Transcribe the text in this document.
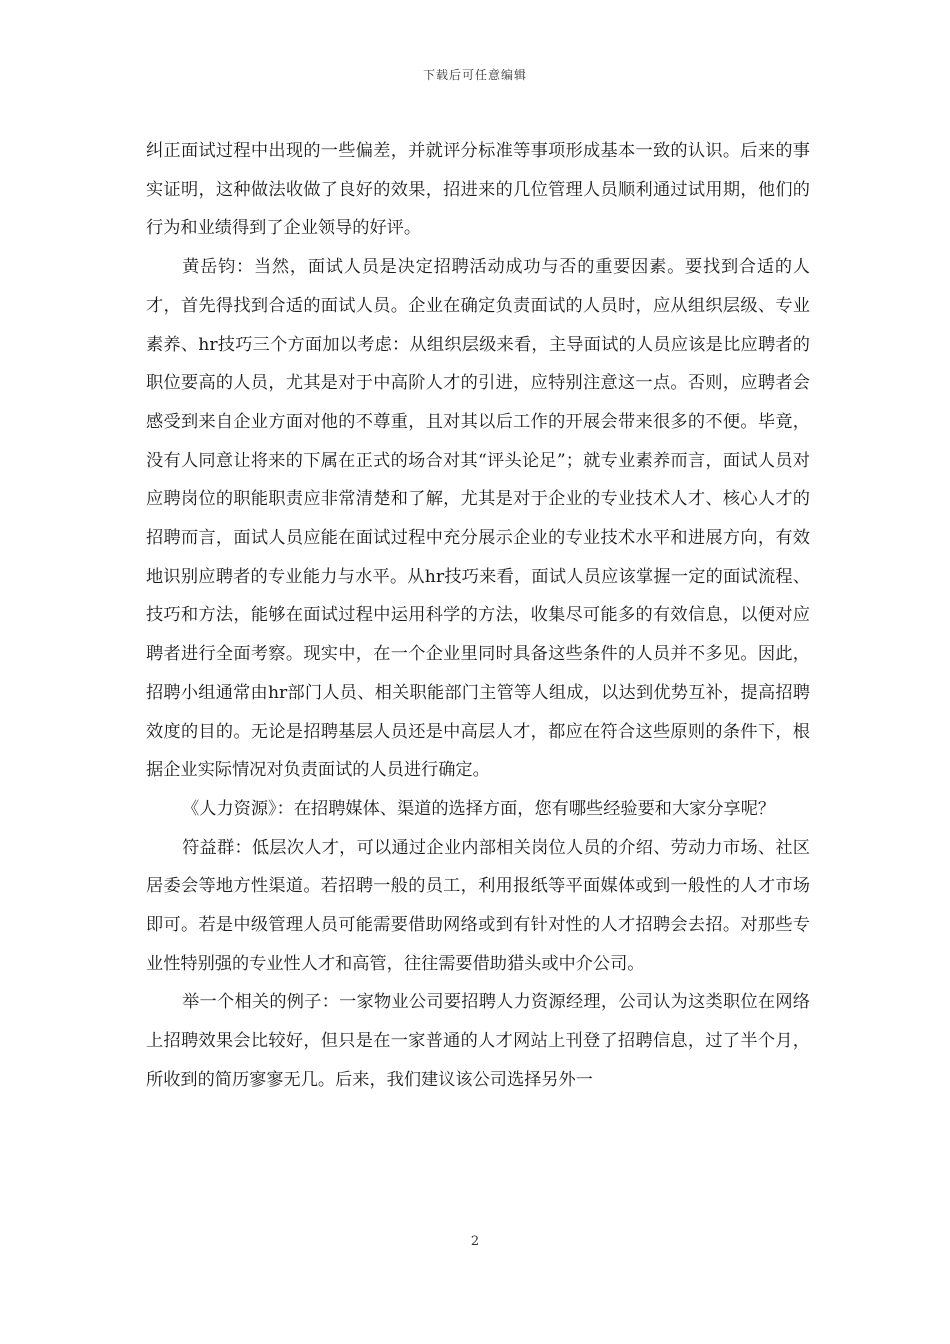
下载后可任意编辑

纠正面试过程中出现的一些偏差，并就评分标准等事项形成基本一致的认识。后来的事实证明，这种做法收做了良好的效果，招进来的几位管理人员顺利通过试用期，他们的行为和业绩得到了企业领导的好评。

黄岳钧：当然，面试人员是决定招聘活动成功与否的重要因素。要找到合适的人才，首先得找到合适的面试人员。企业在确定负责面试的人员时，应从组织层级、专业素养、hr技巧三个方面加以考虑：从组织层级来看，主导面试的人员应该是比应聘者的职位要高的人员，尤其是对于中高阶人才的引进，应特别注意这一点。否则，应聘者会感受到来自企业方面对他的不尊重，且对其以后工作的开展会带来很多的不便。毕竟，没有人同意让将来的下属在正式的场合对其“评头论足”；就专业素养而言，面试人员对应聘岗位的职能职责应非常清楚和了解，尤其是对于企业的专业技术人才、核心人才的招聘而言，面试人员应能在面试过程中充分展示企业的专业技术水平和进展方向，有效地识别应聘者的专业能力与水平。从hr技巧来看，面试人员应该掌握一定的面试流程、技巧和方法，能够在面试过程中运用科学的方法，收集尽可能多的有效信息，以便对应聘者进行全面考察。现实中，在一个企业里同时具备这些条件的人员并不多见。因此，招聘小组通常由hr部门人员、相关职能部门主管等人组成，以达到优势互补，提高招聘效度的目的。无论是招聘基层人员还是中高层人才，都应在符合这些原则的条件下，根据企业实际情况对负责面试的人员进行确定。

《人力资源》：在招聘媒体、渠道的选择方面，您有哪些经验要和大家分享呢？

符益群：低层次人才，可以通过企业内部相关岗位人员的介绍、劳动力市场、社区居委会等地方性渠道。若招聘一般的员工，利用报纸等平面媒体或到一般性的人才市场即可。若是中级管理人员可能需要借助网络或到有针对性的人才招聘会去招。对那些专业性特别强的专业性人才和高管，往往需要借助猎头或中介公司。

举一个相关的例子：一家物业公司要招聘人力资源经理，公司认为这类职位在网络上招聘效果会比较好，但只是在一家普通的人才网站上刊登了招聘信息，过了半个月，所收到的简历寥寥无几。后来，我们建议该公司选择另外一

2
